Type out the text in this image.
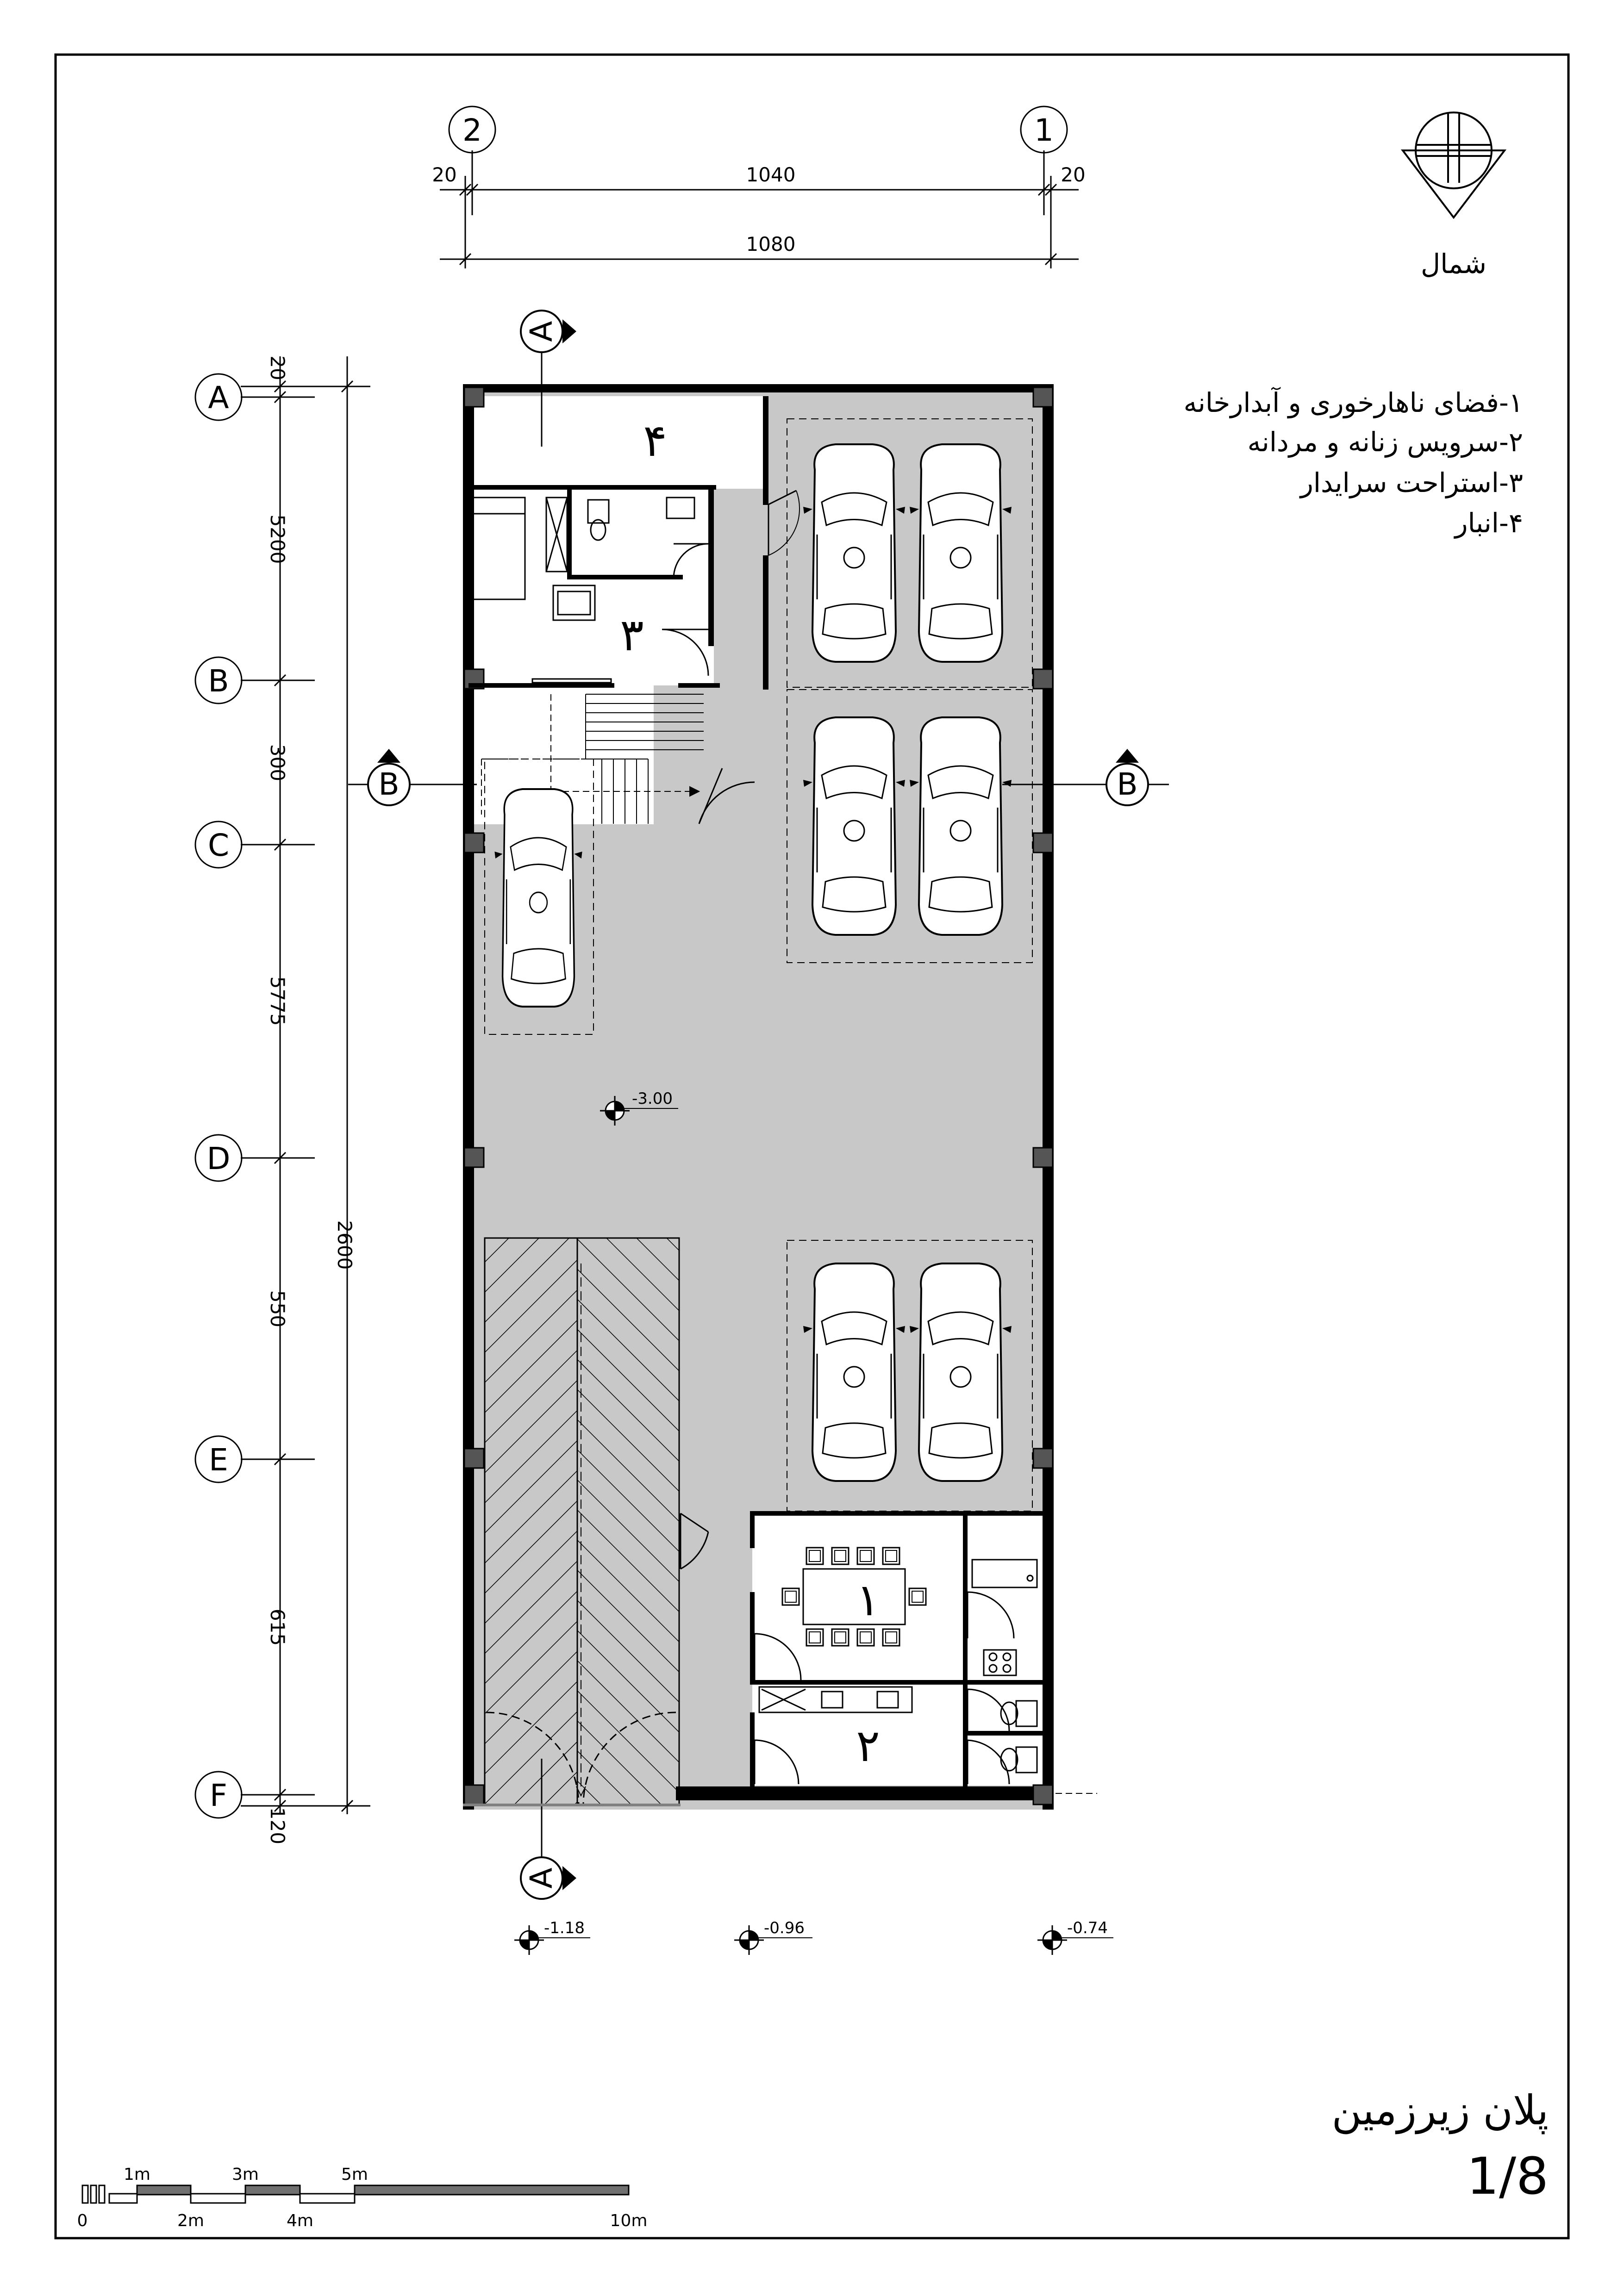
2	1
20	1040	20
1080
A
B
C
D
E
F
20
5200
300
5775
550
615
120
2600
A
A
B	B
۴
۳
-3.00
۱
۲
-1.18	-0.96	-0.74
شمال
۱-فضای ناهارخوری و آبدارخانه
۲-سرویس زنانه و مردانه
۳-استراحت سرایدار
۴-انبار
پلان زیرزمین
1/8
1m	3m	5m
0	2m	4m	10m
